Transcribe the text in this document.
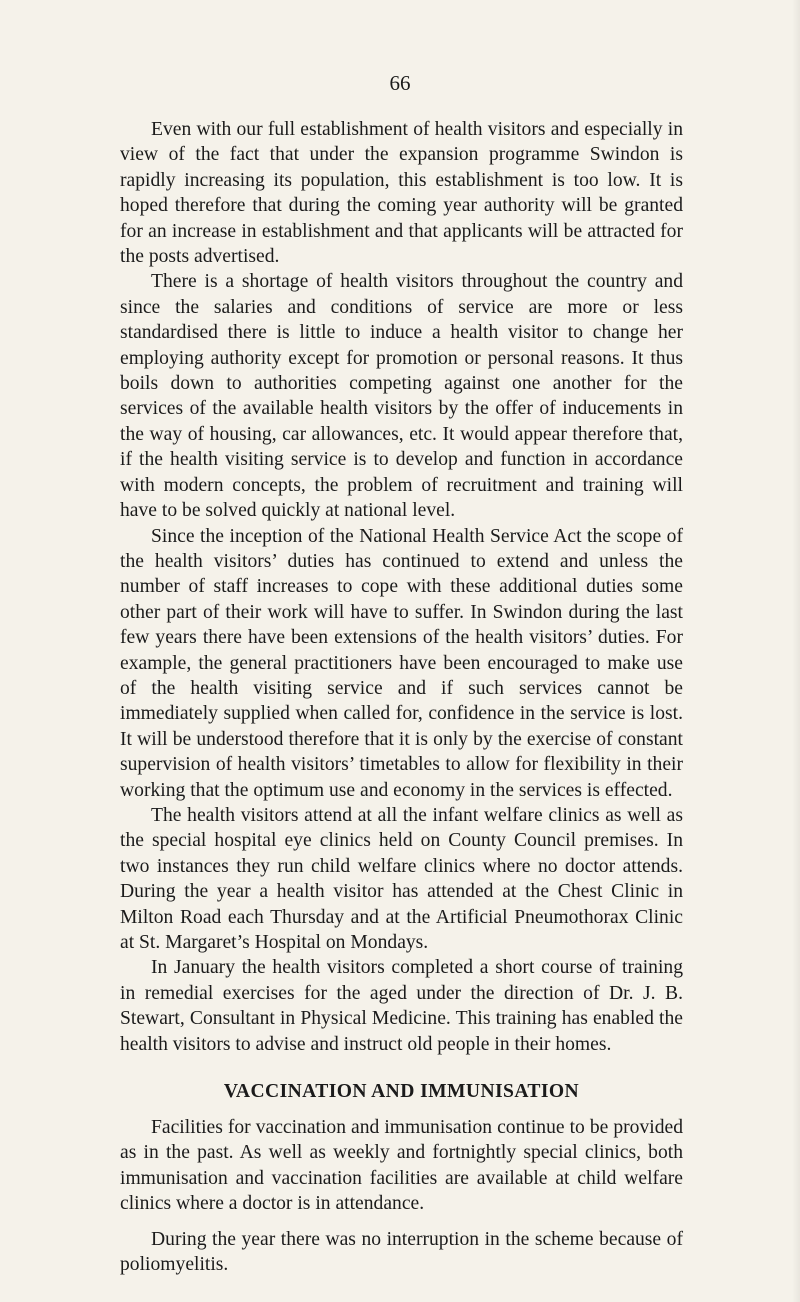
66

Even with our full establishment of health visitors and especially in view of the fact that under the expansion programme Swindon is rapidly increasing its population, this establishment is too low. It is hoped therefore that during the coming year authority will be granted for an increase in establishment and that applicants will be attracted for the posts advertised.

There is a shortage of health visitors throughout the country and since the salaries and conditions of service are more or less standardised there is little to induce a health visitor to change her employing authority except for promotion or personal reasons. It thus boils down to authorities competing against one another for the services of the available health visitors by the offer of inducements in the way of housing, car allowances, etc. It would appear therefore that, if the health visiting service is to develop and function in accordance with modern concepts, the problem of recruitment and training will have to be solved quickly at national level.

Since the inception of the National Health Service Act the scope of the health visitors’ duties has continued to extend and unless the number of staff increases to cope with these additional duties some other part of their work will have to suffer. In Swindon during the last few years there have been extensions of the health visitors’ duties. For example, the general practitioners have been encouraged to make use of the health visiting service and if such services cannot be immediately supplied when called for, confidence in the service is lost. It will be understood therefore that it is only by the exercise of constant supervision of health visitors’ timetables to allow for flexibility in their working that the optimum use and economy in the services is effected.

The health visitors attend at all the infant welfare clinics as well as the special hospital eye clinics held on County Council premises. In two instances they run child welfare clinics where no doctor attends. During the year a health visitor has attended at the Chest Clinic in Milton Road each Thursday and at the Artificial Pneumothorax Clinic at St. Margaret’s Hospital on Mondays.

In January the health visitors completed a short course of training in remedial exercises for the aged under the direction of Dr. J. B. Stewart, Consultant in Physical Medicine. This training has enabled the health visitors to advise and instruct old people in their homes.

VACCINATION AND IMMUNISATION

Facilities for vaccination and immunisation continue to be provided as in the past. As well as weekly and fortnightly special clinics, both immunisation and vaccination facilities are available at child welfare clinics where a doctor is in attendance.

During the year there was no interruption in the scheme because of poliomyelitis.
